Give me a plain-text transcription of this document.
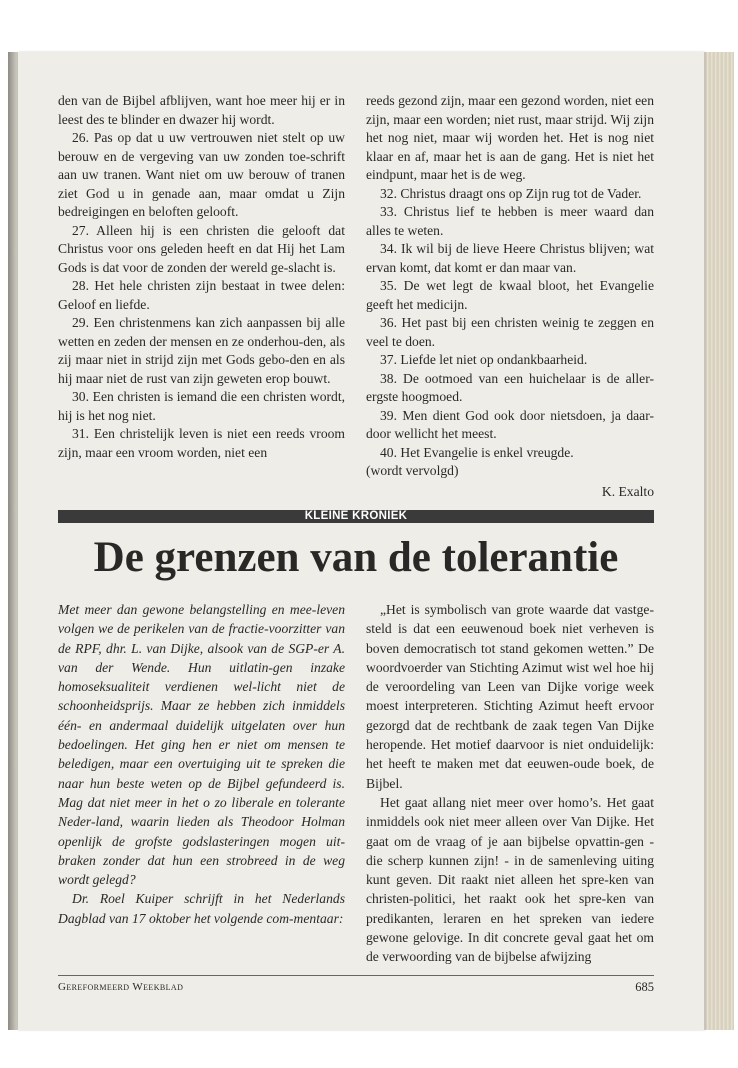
den van de Bijbel afblijven, want hoe meer hij er in leest des te blinder en dwazer hij wordt.

26. Pas op dat u uw vertrouwen niet stelt op uw berouw en de vergeving van uw zonden toe-schrift aan uw tranen. Want niet om uw berouw of tranen ziet God u in genade aan, maar omdat u Zijn bedreigingen en beloften gelooft.

27. Alleen hij is een christen die gelooft dat Christus voor ons geleden heeft en dat Hij het Lam Gods is dat voor de zonden der wereld ge-slacht is.

28. Het hele christen zijn bestaat in twee delen: Geloof en liefde.

29. Een christenmens kan zich aanpassen bij alle wetten en zeden der mensen en ze onderhou-den, als zij maar niet in strijd zijn met Gods gebo-den en als hij maar niet de rust van zijn geweten erop bouwt.

30. Een christen is iemand die een christen wordt, hij is het nog niet.

31. Een christelijk leven is niet een reeds vroom zijn, maar een vroom worden, niet een

reeds gezond zijn, maar een gezond worden, niet een zijn, maar een worden; niet rust, maar strijd. Wij zijn het nog niet, maar wij worden het. Het is nog niet klaar en af, maar het is aan de gang. Het is niet het eindpunt, maar het is de weg.

32. Christus draagt ons op Zijn rug tot de Vader.

33. Christus lief te hebben is meer waard dan alles te weten.

34. Ik wil bij de lieve Heere Christus blijven; wat ervan komt, dat komt er dan maar van.

35. De wet legt de kwaal bloot, het Evangelie geeft het medicijn.

36. Het past bij een christen weinig te zeggen en veel te doen.

37. Liefde let niet op ondankbaarheid.

38. De ootmoed van een huichelaar is de aller-ergste hoogmoed.

39. Men dient God ook door nietsdoen, ja daar-door wellicht het meest.

40. Het Evangelie is enkel vreugde.

(wordt vervolgd)

K. Exalto
KLEINE KRONIEK
De grenzen van de tolerantie

Met meer dan gewone belangstelling en mee-leven volgen we de perikelen van de fractie-voorzitter van de RPF, dhr. L. van Dijke, alsook van de SGP-er A. van der Wende. Hun uitlatin-gen inzake homoseksualiteit verdienen wel-licht niet de schoonheidsprijs. Maar ze hebben zich inmiddels één- en andermaal duidelijk uitgelaten over hun bedoelingen. Het ging hen er niet om mensen te beledigen, maar een overtuiging uit te spreken die naar hun beste weten op de Bijbel gefundeerd is. Mag dat niet meer in het o zo liberale en tolerante Neder-land, waarin lieden als Theodoor Holman openlijk de grofste godslasteringen mogen uit-braken zonder dat hun een strobreed in de weg wordt gelegd?

Dr. Roel Kuiper schrijft in het Nederlands Dagblad van 17 oktober het volgende com-mentaar:

„Het is symbolisch van grote waarde dat vastge-steld is dat een eeuwenoud boek niet verheven is boven democratisch tot stand gekomen wetten.” De woordvoerder van Stichting Azimut wist wel hoe hij de veroordeling van Leen van Dijke vorige week moest interpreteren. Stichting Azimut heeft ervoor gezorgd dat de rechtbank de zaak tegen Van Dijke heropende. Het motief daarvoor is niet onduidelijk: het heeft te maken met dat eeuwen-oude boek, de Bijbel.

Het gaat allang niet meer over homo’s. Het gaat inmiddels ook niet meer alleen over Van Dijke. Het gaat om de vraag of je aan bijbelse opvattin-gen - die scherp kunnen zijn! - in de samenleving uiting kunt geven. Dit raakt niet alleen het spre-ken van christen-politici, het raakt ook het spre-ken van predikanten, leraren en het spreken van iedere gewone gelovige. In dit concrete geval gaat het om de verwoording van de bijbelse afwijzing

Gereformeerd Weekblad	685
